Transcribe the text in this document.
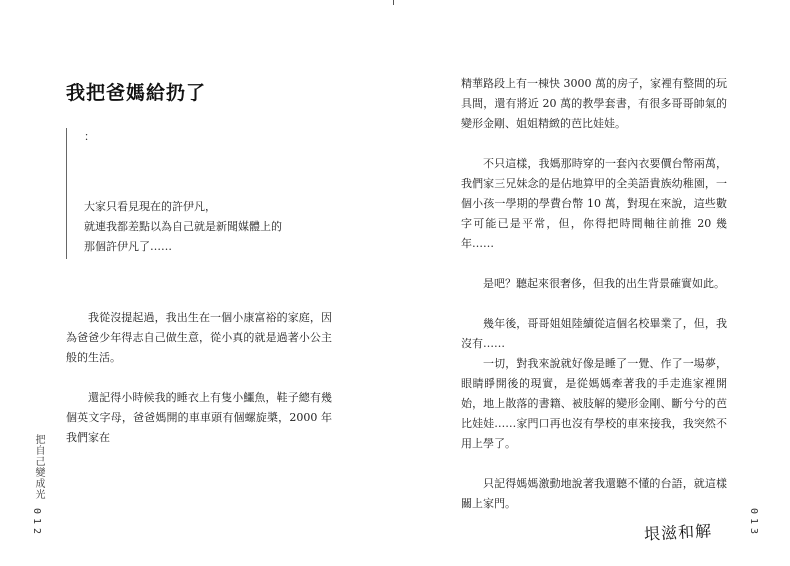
我把爸媽給扔了
：
大家只看見現在的許伊凡，
就連我都差點以為自己就是新聞媒體上的
那個許伊凡了……

我從沒提起過，我出生在一個小康富裕的家庭，因為爸爸少年得志自己做生意，從小真的就是過著小公主般的生活。

還記得小時候我的睡衣上有隻小鱷魚，鞋子總有幾個英文字母，爸爸媽開的車車頭有個螺旋槳，2000 年我們家在

把自己變成光
012

精華路段上有一棟快 3000 萬的房子，家裡有整間的玩具間，還有將近 20 萬的教學套書，有很多哥哥帥氣的變形金剛、姐姐精緻的芭比娃娃。

不只這樣，我媽那時穿的一套內衣要價台幣兩萬，我們家三兄妹念的是佔地算甲的全美語貴族幼稚園，一個小孩一學期的學費台幣 10 萬，對現在來說，這些數字可能已是平常，但，你得把時間軸往前推 20 幾年……

是吧？聽起來很奢侈，但我的出生背景確實如此。

幾年後，哥哥姐姐陸續從這個名校畢業了，但，我沒有……

一切，對我來說就好像是睡了一覺、作了一場夢，眼睛睜開後的現實，是從媽媽牽著我的手走進家裡開始，地上散落的書籍、被肢解的變形金剛、斷兮兮的芭比娃娃……家門口再也沒有學校的車來接我，我突然不用上學了。

只記得媽媽激動地說著我還聽不懂的台語，就這樣關上家門。

垠滋和解	013
